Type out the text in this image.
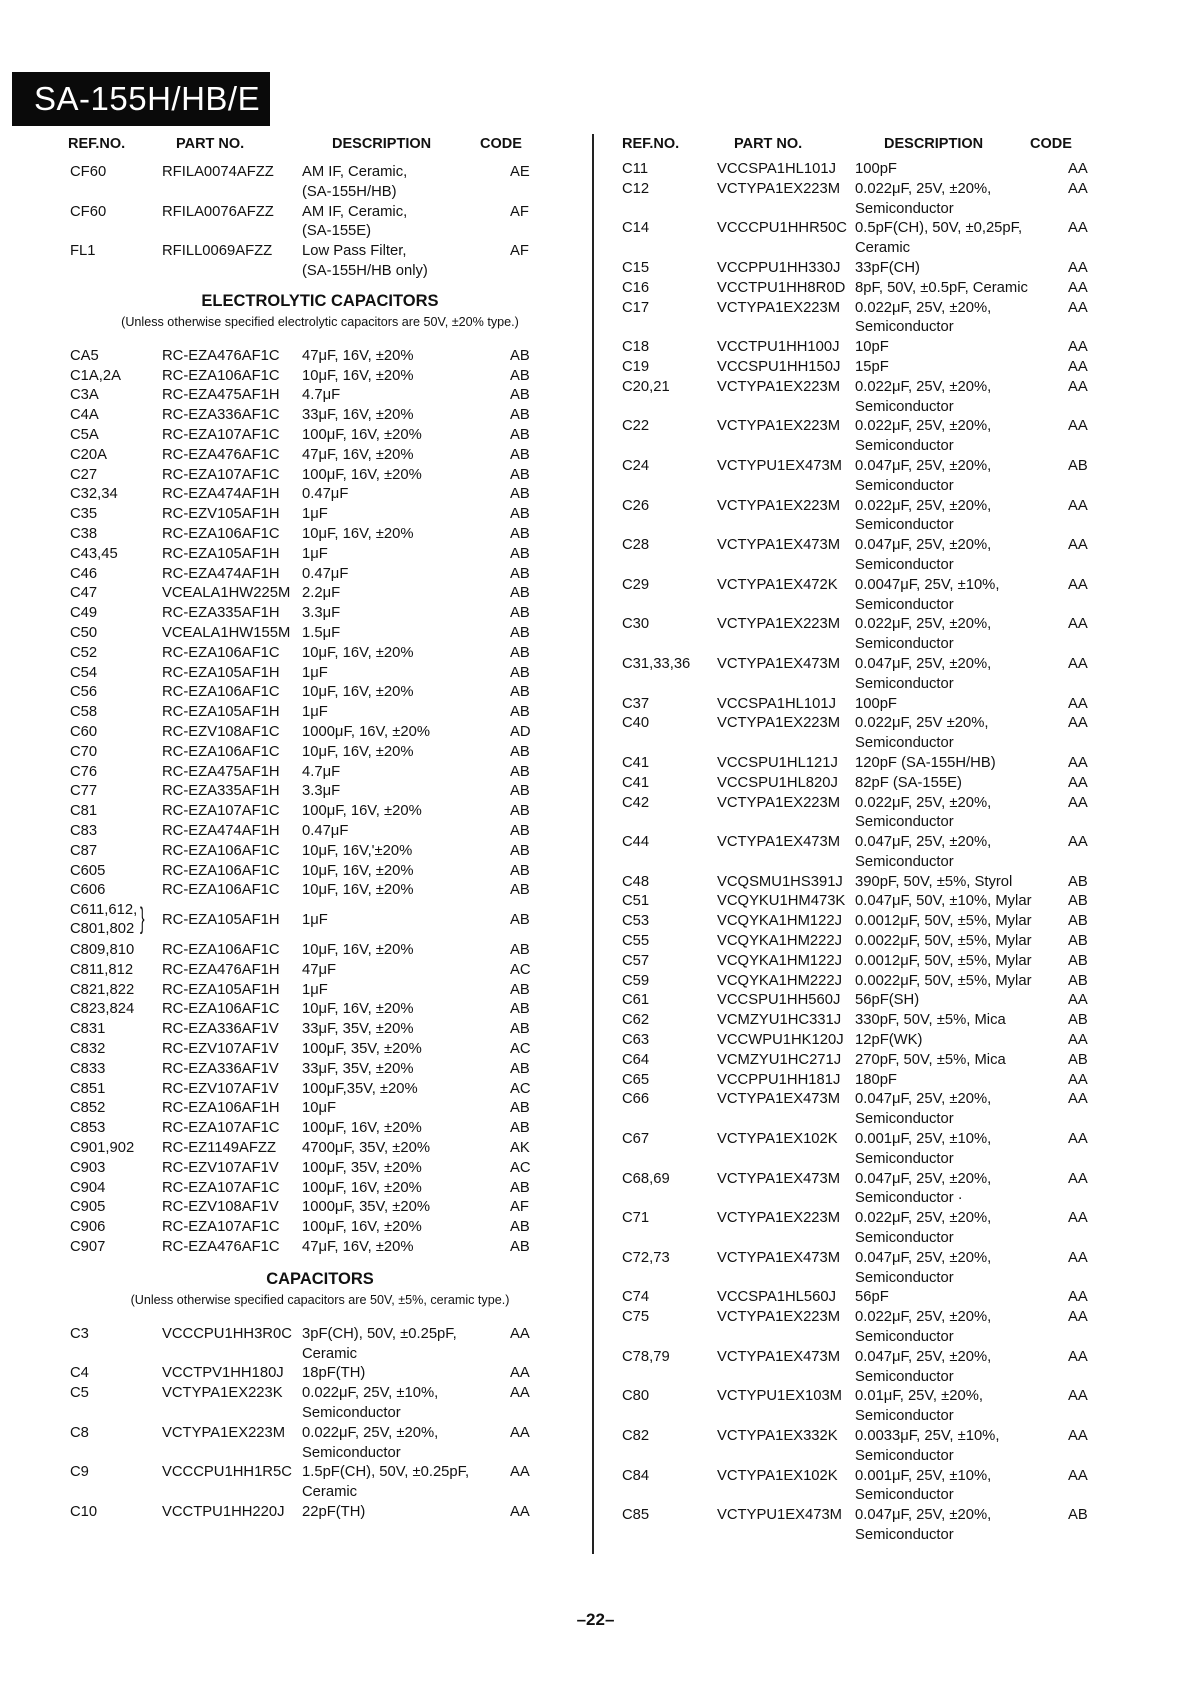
SA-155H/HB/E
REF.NO.	PART NO.	DESCRIPTION	CODE
CF60	RFILA0074AFZZ AM IF, Ceramic,	AE
(SA-155H/HB)
CF60	RFILA0076AFZZ AM IF, Ceramic,	AF
(SA-155E)
FL1	RFILL0069AFZZ Low Pass Filter,	AF
(SA-155H/HB only)
ELECTROLYTIC CAPACITORS
(Unless otherwise specified electrolytic capacitors are 50V, ±20% type.)
CA5	RC-EZA476AF1C 47μF, 16V, ±20%	AB
C1A,2A	RC-EZA106AF1C 10μF, 16V, ±20%	AB
C3A	RC-EZA475AF1H 4.7μF	AB
C4A	RC-EZA336AF1C 33μF, 16V, ±20%	AB
C5A	RC-EZA107AF1C 100μF, 16V, ±20%	AB
C20A	RC-EZA476AF1C 47μF, 16V, ±20%	AB
C27	RC-EZA107AF1C 100μF, 16V, ±20%	AB
C32,34	RC-EZA474AF1H 0.47μF	AB
C35	RC-EZV105AF1H 1μF	AB
C38	RC-EZA106AF1C 10μF, 16V, ±20%	AB
C43,45	RC-EZA105AF1H 1μF	AB
C46	RC-EZA474AF1H 0.47μF	AB
C47	VCEALA1HW225M 2.2μF	AB
C49	RC-EZA335AF1H 3.3μF	AB
C50	VCEALA1HW155M 1.5μF	AB
C52	RC-EZA106AF1C 10μF, 16V, ±20%	AB
C54	RC-EZA105AF1H 1μF	AB
C56	RC-EZA106AF1C 10μF, 16V, ±20%	AB
C58	RC-EZA105AF1H 1μF	AB
C60	RC-EZV108AF1C 1000μF, 16V, ±20%	AD
C70	RC-EZA106AF1C 10μF, 16V, ±20%	AB
C76	RC-EZA475AF1H 4.7μF	AB
C77	RC-EZA335AF1H 3.3μF	AB
C81	RC-EZA107AF1C 100μF, 16V, ±20%	AB
C83	RC-EZA474AF1H 0.47μF	AB
C87	RC-EZA106AF1C 10μF, 16V,'±20%	AB
C605	RC-EZA106AF1C 10μF, 16V, ±20%	AB
C606	RC-EZA106AF1C 10μF, 16V, ±20%	AB
C611,612,
C801,802 } RC-EZA105AF1H 1μF	AB
C809,810 RC-EZA106AF1C 10μF, 16V, ±20%	AB
C811,812 RC-EZA476AF1H 47μF	AC
C821,822 RC-EZA105AF1H 1μF	AB
C823,824 RC-EZA106AF1C 10μF, 16V, ±20%	AB
C831	RC-EZA336AF1V 33μF, 35V, ±20%	AB
C832	RC-EZV107AF1V 100μF, 35V, ±20%	AC
C833	RC-EZA336AF1V 33μF, 35V, ±20%	AB
C851	RC-EZV107AF1V 100μF,35V, ±20%	AC
C852	RC-EZA106AF1H 10μF	AB
C853	RC-EZA107AF1C 100μF, 16V, ±20%	AB
C901,902 RC-EZ1149AFZZ 4700μF, 35V, ±20%	AK
C903	RC-EZV107AF1V 100μF, 35V, ±20%	AC
C904	RC-EZA107AF1C 100μF, 16V, ±20%	AB
C905	RC-EZV108AF1V 1000μF, 35V, ±20%	AF
C906	RC-EZA107AF1C 100μF, 16V, ±20%	AB
C907	RC-EZA476AF1C 47μF, 16V, ±20%	AB
CAPACITORS
(Unless otherwise specified capacitors are 50V, ±5%, ceramic type.)
C3	VCCCPU1HH3R0C 3pF(CH), 50V, ±0.25pF,	AA
Ceramic
C4	VCCTPV1HH180J 18pF(TH)	AA
C5	VCTYPA1EX223K 0.022μF, 25V, ±10%,	AA
Semiconductor
C8	VCTYPA1EX223M 0.022μF, 25V, ±20%,	AA
Semiconductor
C9	VCCCPU1HH1R5C 1.5pF(CH), 50V, ±0.25pF,	AA
Ceramic
C10	VCCTPU1HH220J 22pF(TH)	AA
REF.NO.	PART NO.	DESCRIPTION	CODE
C11	VCCSPA1HL101J 100pF	AA
C12	VCTYPA1EX223M 0.022μF, 25V, ±20%,	AA
Semiconductor
C14	VCCCPU1HHR50C 0.5pF(CH), 50V, ±0,25pF,	AA
Ceramic
C15	VCCPPU1HH330J 33pF(CH)	AA
C16	VCCTPU1HH8R0D 8pF, 50V, ±0.5pF, Ceramic	AA
C17	VCTYPA1EX223M 0.022μF, 25V, ±20%,	AA
Semiconductor
C18	VCCTPU1HH100J 10pF	AA
C19	VCCSPU1HH150J 15pF	AA
C20,21	VCTYPA1EX223M 0.022μF, 25V, ±20%,	AA
Semiconductor
C22	VCTYPA1EX223M 0.022μF, 25V, ±20%,	AA
Semiconductor
C24	VCTYPU1EX473M 0.047μF, 25V, ±20%,	AB
Semiconductor
C26	VCTYPA1EX223M 0.022μF, 25V, ±20%,	AA
Semiconductor
C28	VCTYPA1EX473M 0.047μF, 25V, ±20%,	AA
Semiconductor
C29	VCTYPA1EX472K 0.0047μF, 25V, ±10%,	AA
Semiconductor
C30	VCTYPA1EX223M 0.022μF, 25V, ±20%,	AA
Semiconductor
C31,33,36 VCTYPA1EX473M 0.047μF, 25V, ±20%,	AA
Semiconductor
C37	VCCSPA1HL101J 100pF	AA
C40	VCTYPA1EX223M 0.022μF, 25V ±20%,	AA
Semiconductor
C41	VCCSPU1HL121J 120pF (SA-155H/HB)	AA
C41	VCCSPU1HL820J 82pF (SA-155E)	AA
C42	VCTYPA1EX223M 0.022μF, 25V, ±20%,	AA
Semiconductor
C44	VCTYPA1EX473M 0.047μF, 25V, ±20%,	AA
Semiconductor
C48	VCQSMU1HS391J 390pF, 50V, ±5%, Styrol	AB
C51	VCQYKU1HM473K 0.047μF, 50V, ±10%, Mylar AB
C53	VCQYKA1HM122J 0.0012μF, 50V, ±5%, Mylar AB
C55	VCQYKA1HM222J 0.0022μF, 50V, ±5%, Mylar AB
C57	VCQYKA1HM122J 0.0012μF, 50V, ±5%, Mylar AB
C59	VCQYKA1HM222J 0.0022μF, 50V, ±5%, Mylar AB
C61	VCCSPU1HH560J 56pF(SH)	AA
C62	VCMZYU1HC331J 330pF, 50V, ±5%, Mica	AB
C63	VCCWPU1HK120J 12pF(WK)	AA
C64	VCMZYU1HC271J 270pF, 50V, ±5%, Mica	AB
C65	VCCPPU1HH181J 180pF	AA
C66	VCTYPA1EX473M 0.047μF, 25V, ±20%,	AA
Semiconductor
C67	VCTYPA1EX102K 0.001μF, 25V, ±10%,	AA
Semiconductor
C68,69	VCTYPA1EX473M 0.047μF, 25V, ±20%,	AA
Semiconductor ·
C71	VCTYPA1EX223M 0.022μF, 25V, ±20%,	AA
Semiconductor
C72,73	VCTYPA1EX473M 0.047μF, 25V, ±20%,	AA
Semiconductor
C74	VCCSPA1HL560J 56pF	AA
C75	VCTYPA1EX223M 0.022μF, 25V, ±20%,	AA
Semiconductor
C78,79	VCTYPA1EX473M 0.047μF, 25V, ±20%,	AA
Semiconductor
C80	VCTYPU1EX103M 0.01μF, 25V, ±20%,	AA
Semiconductor
C82	VCTYPA1EX332K 0.0033μF, 25V, ±10%,	AA
Semiconductor
C84	VCTYPA1EX102K 0.001μF, 25V, ±10%,	AA
Semiconductor
C85	VCTYPU1EX473M 0.047μF, 25V, ±20%,	AB
Semiconductor
–22–
